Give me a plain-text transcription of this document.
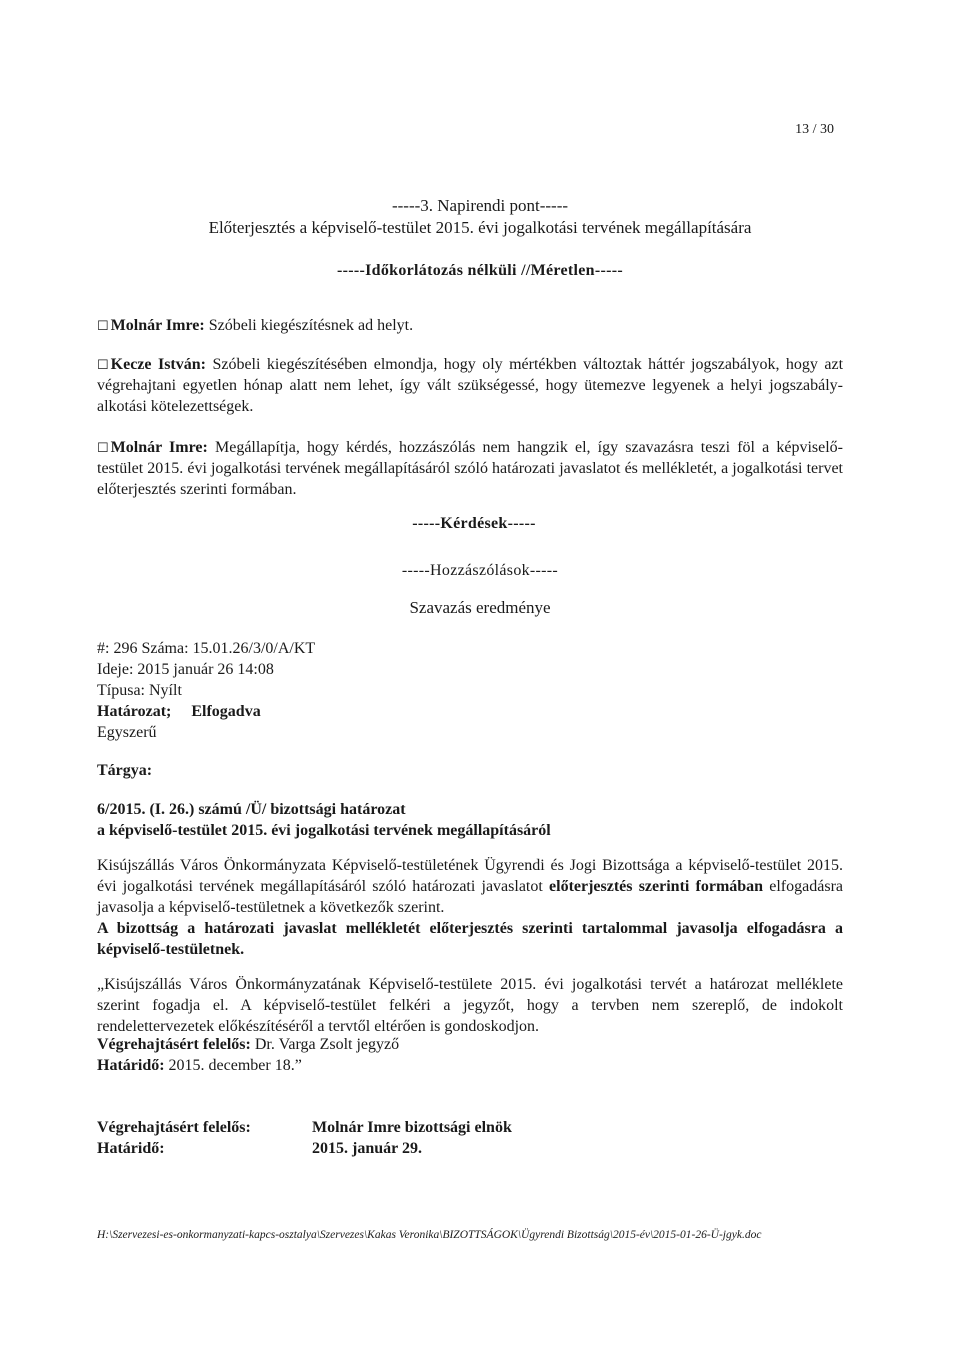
13 / 30
-----3. Napirendi pont-----
Előterjesztés a képviselő-testület 2015. évi jogalkotási tervének megállapítására
-----Időkorlátozás nélküli //Méretlen-----
☐ Molnár Imre: Szóbeli kiegészítésnek ad helyt.
☐ Kecze István: Szóbeli kiegészítésében elmondja, hogy oly mértékben változtak háttér jogszabályok, hogy azt végrehajtani egyetlen hónap alatt nem lehet, így vált szükségessé, hogy ütemezve legyenek a helyi jogszabály-alkotási kötelezettségek.
☐ Molnár Imre: Megállapítja, hogy kérdés, hozzászólás nem hangzik el, így szavazásra teszi föl a képviselő-testület 2015. évi jogalkotási tervének megállapításáról szóló határozati javaslatot és mellékletét, a jogalkotási tervet előterjesztés szerinti formában.
-----Kérdések-----
-----Hozzászólások-----
Szavazás eredménye
#: 296 Száma: 15.01.26/3/0/A/KT
Ideje: 2015 január 26 14:08
Típusa: Nyílt
Határozat; Elfogadva
Egyszerű
Tárgya:
6/2015. (I. 26.) számú /Ü/ bizottsági határozat
a képviselő-testület 2015. évi jogalkotási tervének megállapításáról
Kisújszállás Város Önkormányzata Képviselő-testületének Ügyrendi és Jogi Bizottsága a képviselő-testület 2015. évi jogalkotási tervének megállapításáról szóló határozati javaslatot előterjesztés szerinti formában elfogadásra javasolja a képviselő-testületnek a következők szerint.
A bizottság a határozati javaslat mellékletét előterjesztés szerinti tartalommal javasolja elfogadásra a képviselő-testületnek.
„Kisújszállás Város Önkormányzatának Képviselő-testülete 2015. évi jogalkotási tervét a határozat melléklete szerint fogadja el. A képviselő-testület felkéri a jegyzőt, hogy a tervben nem szereplő, de indokolt rendelettervezetek előkészítéséről a tervtől eltérően is gondoskodjon.
Végrehajtásért felelős: Dr. Varga Zsolt jegyző
Határidő: 2015. december 18.”
Végrehajtásért felelős:	Molnár Imre bizottsági elnök
Határidő:	2015. január 29.
H:\Szervezesi-es-onkormanyzati-kapcs-osztalya\Szervezes\Kakas Veronika\BIZOTTSÁGOK\Ügyrendi Bizottság\2015-év\2015-01-26-Ü-jgyk.doc
